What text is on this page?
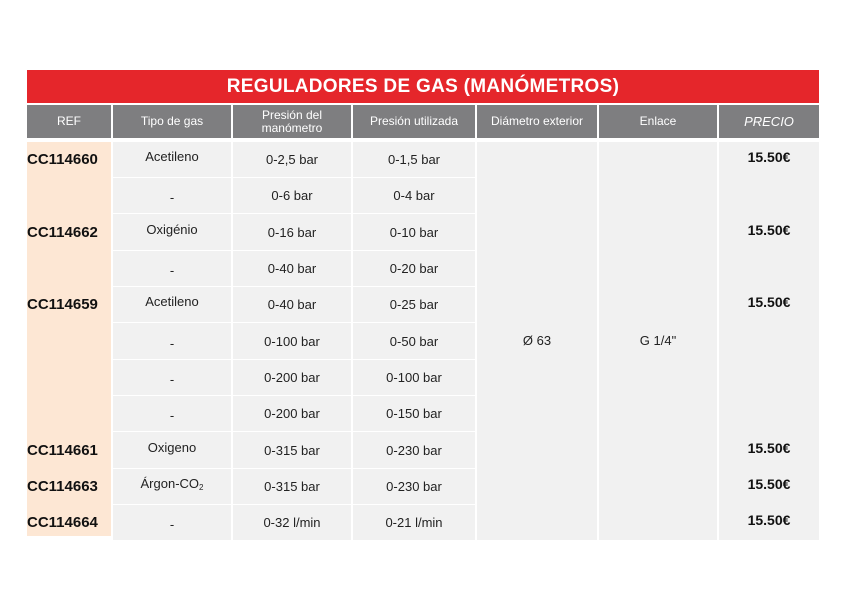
REGULADORES DE GAS (MANÓMETROS)
REF	Tipo de gas	Presión del
manómetro	Presión utilizada	Diámetro exterior	Enlace	PRECIO
CC114660	Acetileno	0-2,5 bar	0-1,5 bar	15.50€
-	0-6 bar	0-4 bar
CC114662	Oxigénio	0-16 bar	0-10 bar	15.50€
-	0-40 bar	0-20 bar
CC114659	Acetileno	0-40 bar	0-25 bar	15.50€
-	0-100 bar	0-50 bar
-	0-200 bar	0-100 bar
-	0-200 bar	0-150 bar
CC114661	Oxigeno	0-315 bar	0-230 bar	15.50€
CC114663	Árgon-$CO_2$	0-315 bar	0-230 bar	15.50€
CC114664	-	0-32 l/min	0-21 l/min	15.50€
Ø 63	G 1/4"
